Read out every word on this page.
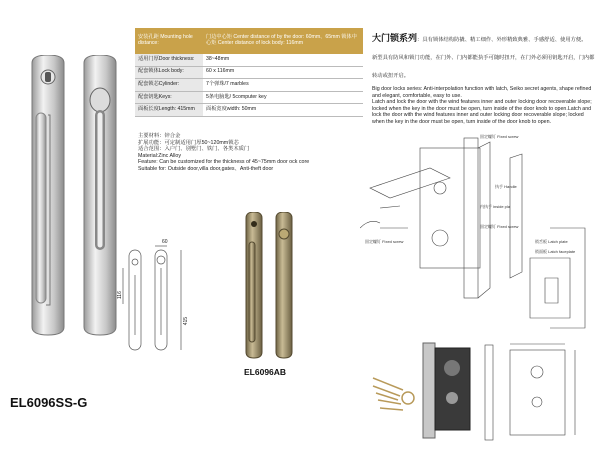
EL6096SS-G
60
116
415
EL6096AB
安装孔距 Mounting hole distance:	门边中心矩 Center distance of by the door: 60mm、65mm 锁体中心矩 Center distance of lock body: 116mm
适用门厚Door thickness:	38~48mm
配套锁体Lock body:	60 x 116mm
配套锁芯Cylinder:	7个弹珠/7 marbles
配套钥匙Keys:	5条电脑匙/ 5computer key
面板长度Length: 415mm	面板宽度width: 50mm
主要材料：锌合金
扩展功能：可定制适用门厚50~120mm锁芯
适合范围：入户门、别墅门、铁门、各类木质门
Material:Zinc Alloy
Feature: Can be customized for the thickness of 45~75mm door ock core
Suitable for: Outside door,villa door,gates、Anti-theft door
大门锁系列：具有锁体结构防撬、精工细作、外形精致典雅、手感舒适、使用方便。
新型具有防风和锁门功能，在门外、门内都能执手可随时扭开，在门外必须用钥匙开启，门内都转动或扭开启。
Big door locks series: Anti-interpolation function with latch, Seiko secret agents, shape refined and elegant, comfortable, easy to use.
Latch and lock the door with the wind features inner and outer locking door recoverable slope; locked when the key in the door must be open, turn inside of the door knob to open.Latch and lock the door with the wind features inner and outer locking door recoverable slope; locked when the key in the door must be open, turn inside of the door knob to open.
固定螺钉 Fixed screw
执手 Handle
内执手 inside pla
固定螺钉 Fixed screw
锁舌板 Latch plate
锁面板 Latch faceplate
固定螺钉 Fixed screw
